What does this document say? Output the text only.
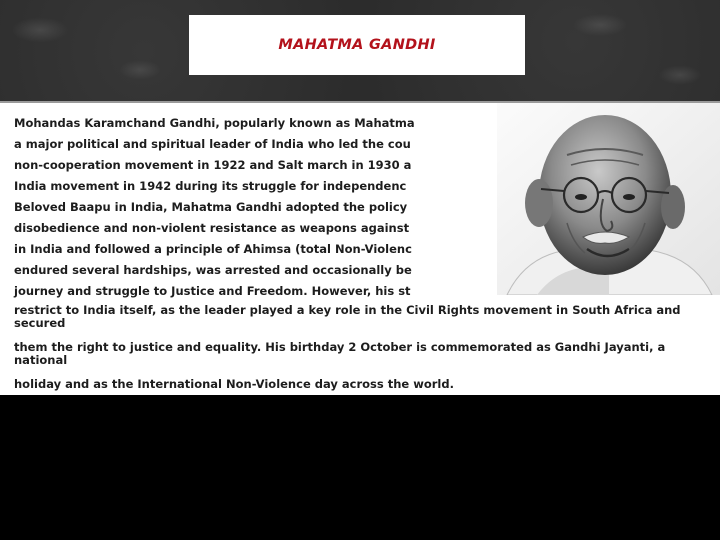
MAHATMA GANDHI
Mohandas Karamchand Gandhi, popularly known as Mahatma
a major political and spiritual leader of India who led the cou
non-cooperation movement in 1922 and Salt march in 1930 a
India movement in 1942 during its struggle for independenc
Beloved Baapu in India, Mahatma Gandhi adopted the policy
disobedience and non-violent resistance as weapons against
in India and followed a principle of Ahimsa (total Non-Violenc
endured several hardships, was arrested and occasionally be
journey and struggle to Justice and Freedom. However, his st
restrict to India itself, as the leader played a key role in the Civil Rights movement in South Africa and secured
them the right to justice and equality. His birthday 2 October is commemorated as Gandhi Jayanti, a national
holiday and as the International Non-Violence day across the world.
